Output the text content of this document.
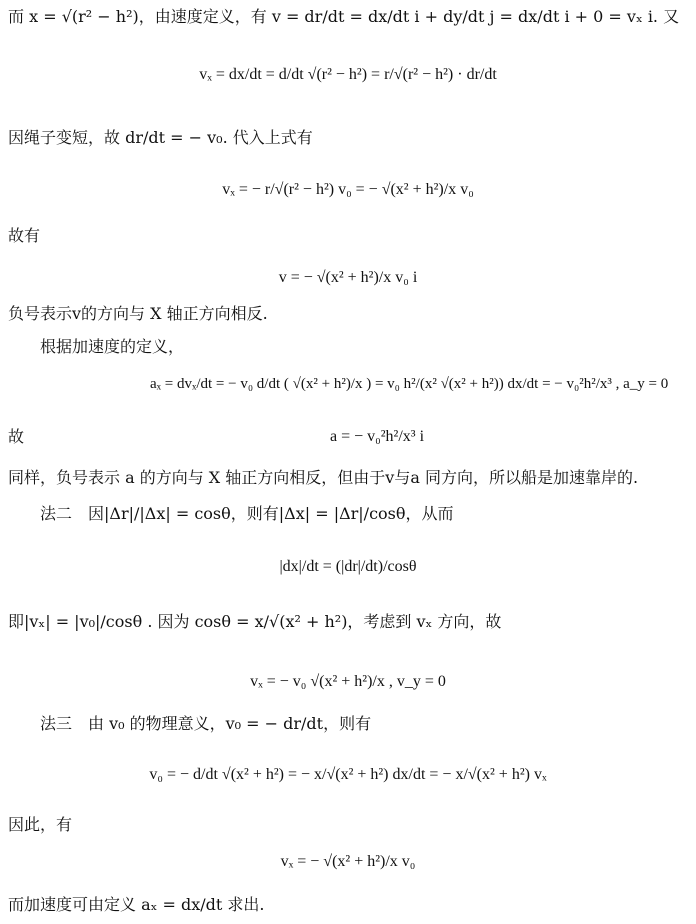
而 x = √(r² − h²)，由速度定义，有 v = dr/dt = dx/dt i + dy/dt j = dx/dt i + 0 = vₓ i. 又
vₓ = dx/dt = d/dt √(r² − h²) = r/√(r² − h²) · dr/dt
因绳子变短，故 dr/dt = − v₀. 代入上式有
vₓ = − r/√(r² − h²) v₀ = − √(x² + h²)/x v₀
故有
v = − √(x² + h²)/x v₀ i
负号表示v的方向与 X 轴正方向相反.
根据加速度的定义，
aₓ = dvₓ/dt = − v₀ d/dt ( √(x² + h²)/x ) = v₀ h²/(x² √(x² + h²)) dx/dt = − v₀²h²/x³ , a_y = 0
故	a = − v₀²h²/x³ i
同样，负号表示 a 的方向与 X 轴正方向相反，但由于v与a 同方向，所以船是加速靠岸的.
法二　因|Δr|/|Δx| = cosθ，则有|Δx| = |Δr|/cosθ，从而
|dx|/dt = (|dr|/dt)/cosθ
即|vₓ| = |v₀|/cosθ . 因为 cosθ = x/√(x² + h²)，考虑到 vₓ 方向，故
vₓ = − v₀ √(x² + h²)/x , v_y = 0
法三　由 v₀ 的物理意义，v₀ = − dr/dt，则有
v₀ = − d/dt √(x² + h²) = − x/√(x² + h²) dx/dt = − x/√(x² + h²) vₓ
因此，有
vₓ = − √(x² + h²)/x v₀
而加速度可由定义 aₓ = dx/dt 求出.
